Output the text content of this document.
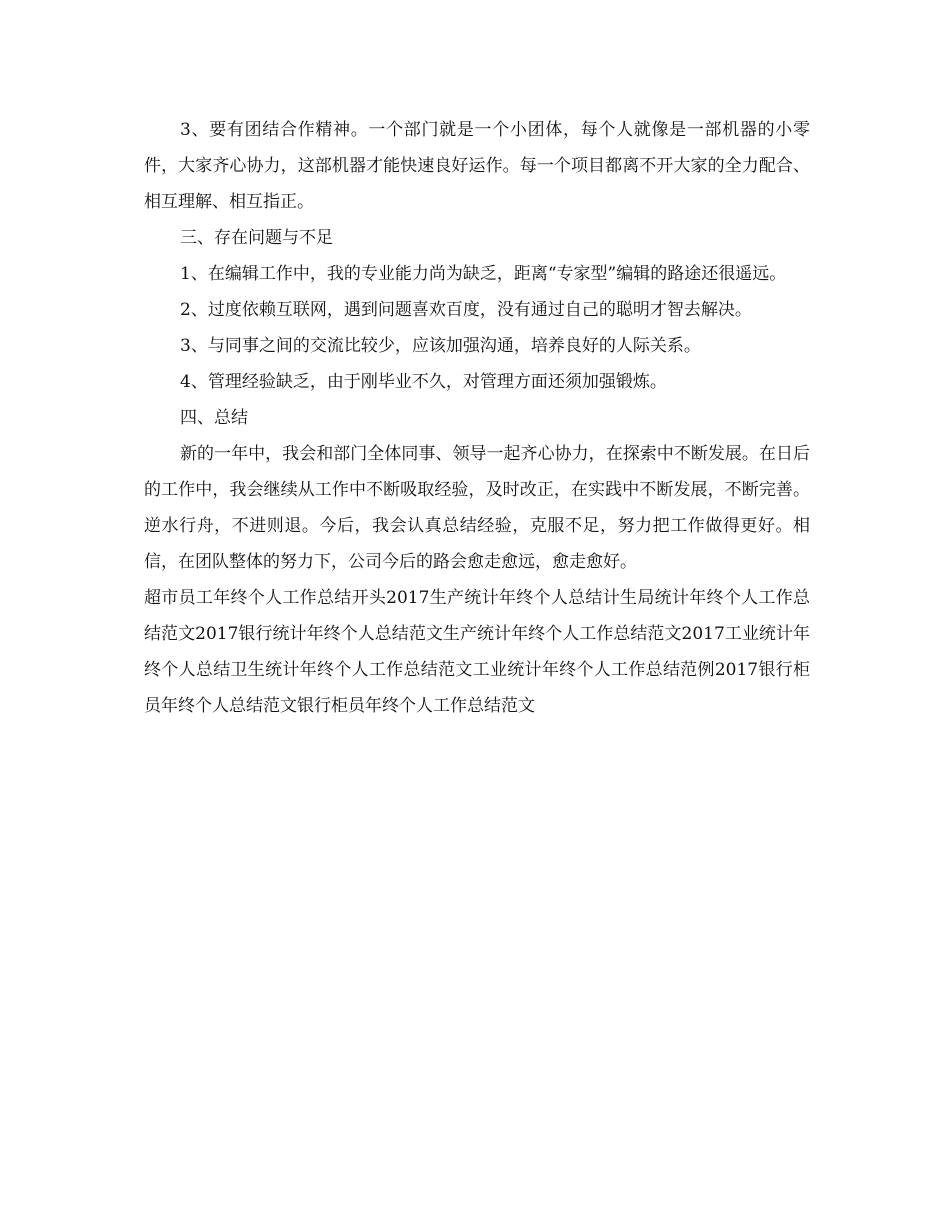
3、要有团结合作精神。一个部门就是一个小团体，每个人就像是一部机器的小零件，大家齐心协力，这部机器才能快速良好运作。每一个项目都离不开大家的全力配合、相互理解、相互指正。

三、存在问题与不足

1、在编辑工作中，我的专业能力尚为缺乏，距离“专家型”编辑的路途还很遥远。

2、过度依赖互联网，遇到问题喜欢百度，没有通过自己的聪明才智去解决。

3、与同事之间的交流比较少，应该加强沟通，培养良好的人际关系。

4、管理经验缺乏，由于刚毕业不久，对管理方面还须加强锻炼。

四、总结

新的一年中，我会和部门全体同事、领导一起齐心协力，在探索中不断发展。在日后的工作中，我会继续从工作中不断吸取经验，及时改正，在实践中不断发展，不断完善。逆水行舟，不进则退。今后，我会认真总结经验，克服不足，努力把工作做得更好。相信，在团队整体的努力下，公司今后的路会愈走愈远，愈走愈好。

超市员工年终个人工作总结开头2017生产统计年终个人总结计生局统计年终个人工作总结范文2017银行统计年终个人总结范文生产统计年终个人工作总结范文2017工业统计年终个人总结卫生统计年终个人工作总结范文工业统计年终个人工作总结范例2017银行柜员年终个人总结范文银行柜员年终个人工作总结范文
